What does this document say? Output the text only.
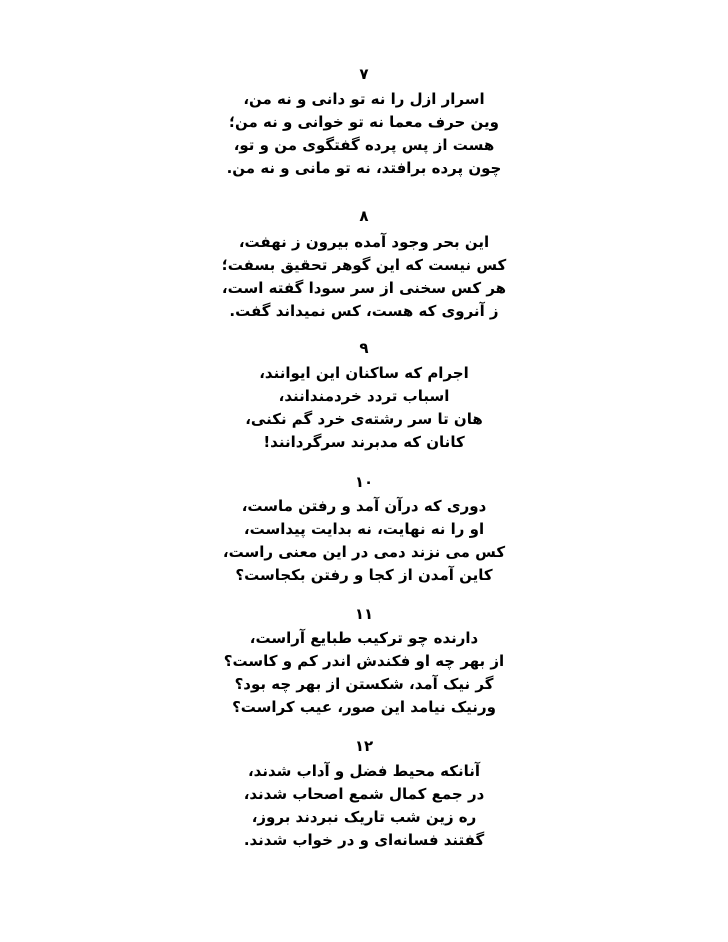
۷
اسرار ازل را نه تو دانی و نه من،
وین حرف معما نه تو خوانی و نه من؛
هست از پس پرده گفتگوی من و تو،
چون پرده برافتد، نه تو مانی و نه من.
۸
این بحر وجود آمده بیرون ز نهفت،
کس نیست که این گوهر تحقیق بسفت؛
هر کس سخنی از سر سودا گفته است،
ز آنروی که هست، کس نمیداند گفت.
۹
اجرام که ساکنان این ایوانند،
اسباب تردد خردمندانند،
هان تا سر رشته‌ی خرد گم نکنی،
کانان که مدبرند سرگردانند!
۱۰
دوری که درآن آمد و رفتن ماست،
او را نه نهایت، نه بدایت پیداست،
کس می نزند دمی در این معنی راست،
کاین آمدن از کجا و رفتن بکجاست؟
۱۱
دارنده چو ترکیب طبایع آراست،
از بهر چه او فکندش اندر کم و کاست؟
گر نیک آمد، شکستن از بهر چه بود؟
ورنیک نیامد این صور، عیب کراست؟
۱۲
آنانکه محیط فضل و آداب شدند،
در جمع کمال شمع اصحاب شدند،
ره زین شب تاریک نبردند بروز،
گفتند فسانه‌ای و در خواب شدند.
